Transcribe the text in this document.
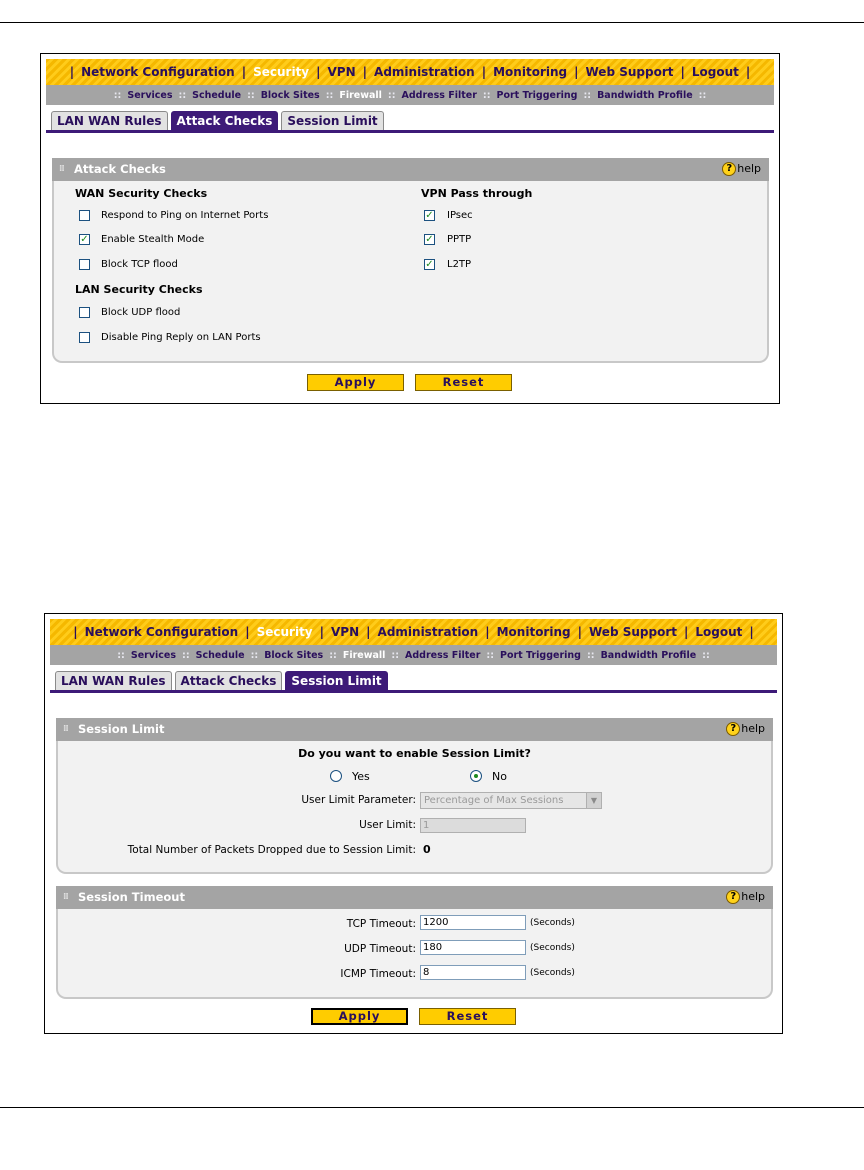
| Network Configuration | Security | VPN | Administration | Monitoring | Web Support | Logout |
:: Services :: Schedule :: Block Sites :: Firewall :: Address Filter :: Port Triggering :: Bandwidth Profile ::
LAN WAN Rules	Attack Checks	Session Limit
⁞⁞ Attack Checks	? help
WAN Security Checks
Respond to Ping on Internet Ports
✓ Enable Stealth Mode
Block TCP flood
LAN Security Checks
Block UDP flood
Disable Ping Reply on LAN Ports
VPN Pass through
✓ IPsec
✓ PPTP
✓ L2TP
Apply	Reset
| Network Configuration | Security | VPN | Administration | Monitoring | Web Support | Logout |
:: Services :: Schedule :: Block Sites :: Firewall :: Address Filter :: Port Triggering :: Bandwidth Profile ::
LAN WAN Rules	Attack Checks	Session Limit
⁞⁞ Session Limit	? help
Do you want to enable Session Limit?
Yes	No
User Limit Parameter: Percentage of Max Sessions	▼
User Limit: 1
Total Number of Packets Dropped due to Session Limit: 0
⁞⁞ Session Timeout	? help
TCP Timeout: 1200	(Seconds)
UDP Timeout: 180	(Seconds)
ICMP Timeout: 8	(Seconds)
Apply	Reset
